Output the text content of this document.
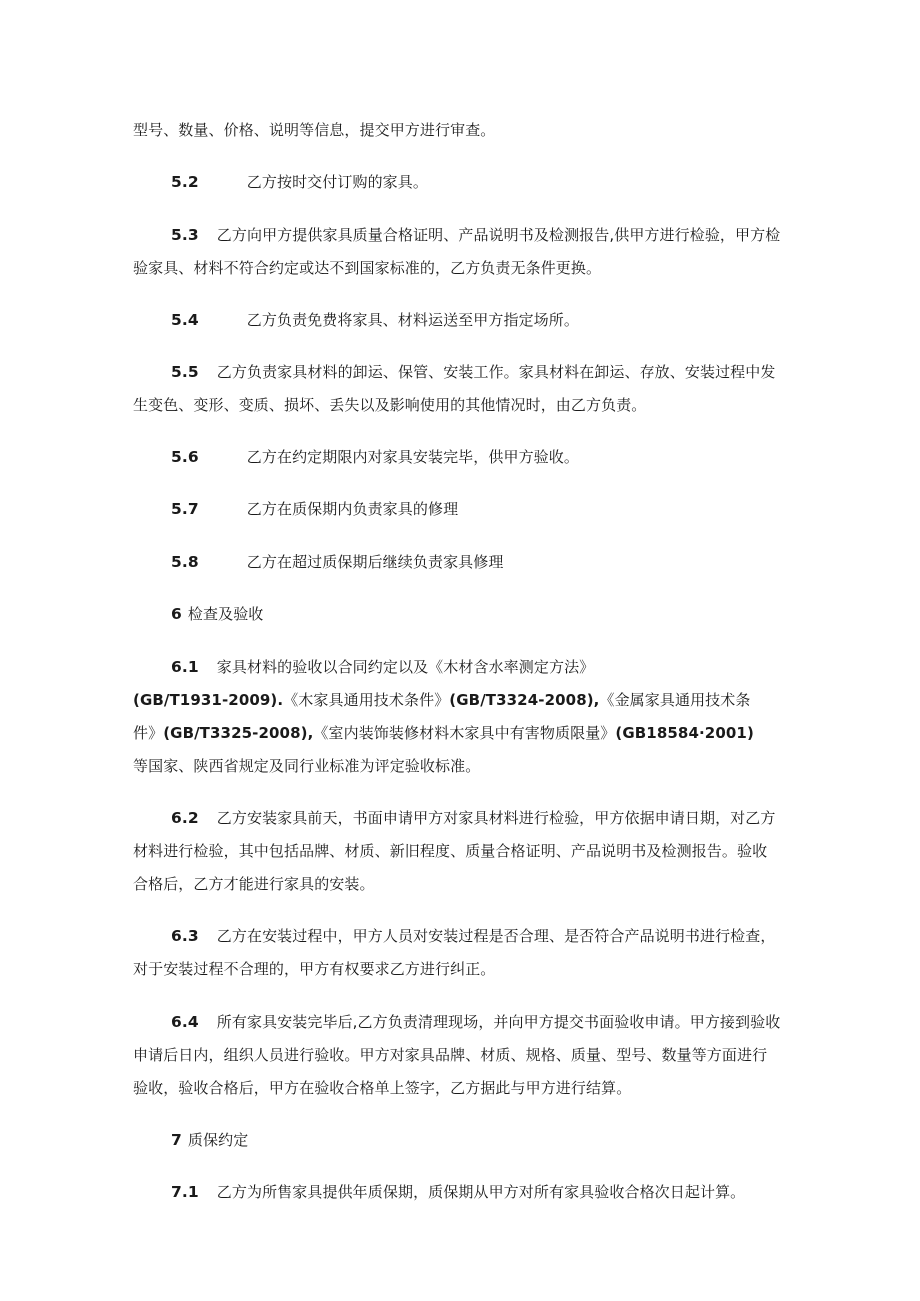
型号、数量、价格、说明等信息，提交甲方进行审查。
5.2	乙方按时交付订购的家具。
5.3 乙方向甲方提供家具质量合格证明、产品说明书及检测报告,供甲方进行检验，甲方检
验家具、材料不符合约定或达不到国家标准的，乙方负责无条件更换。
5.4	乙方负责免费将家具、材料运送至甲方指定场所。
5.5 乙方负责家具材料的卸运、保管、安装工作。家具材料在卸运、存放、安装过程中发
生变色、变形、变质、损坏、丢失以及影响使用的其他情况时，由乙方负责。
5.6	乙方在约定期限内对家具安装完毕，供甲方验收。
5.7	乙方在质保期内负责家具的修理
5.8	乙方在超过质保期后继续负责家具修理
6 检查及验收
6.1 家具材料的验收以合同约定以及《木材含水率测定方法》
(GB/T1931-2009).《木家具通用技术条件》(GB/T3324-2008),《金属家具通用技术条
件》(GB/T3325-2008),《室内装饰装修材料木家具中有害物质限量》(GB18584·2001)
等国家、陕西省规定及同行业标准为评定验收标准。
6.2 乙方安装家具前天，书面申请甲方对家具材料进行检验，甲方依据申请日期，对乙方
材料进行检验，其中包括品牌、材质、新旧程度、质量合格证明、产品说明书及检测报告。验收
合格后，乙方才能进行家具的安装。
6.3 乙方在安装过程中，甲方人员对安装过程是否合理、是否符合产品说明书进行检查，
对于安装过程不合理的，甲方有权要求乙方进行纠正。
6.4 所有家具安装完毕后,乙方负责清理现场，并向甲方提交书面验收申请。甲方接到验收
申请后日内，组织人员进行验收。甲方对家具品牌、材质、规格、质量、型号、数量等方面进行
验收，验收合格后，甲方在验收合格单上签字，乙方据此与甲方进行结算。
7 质保约定
7.1 乙方为所售家具提供年质保期，质保期从甲方对所有家具验收合格次日起计算。
